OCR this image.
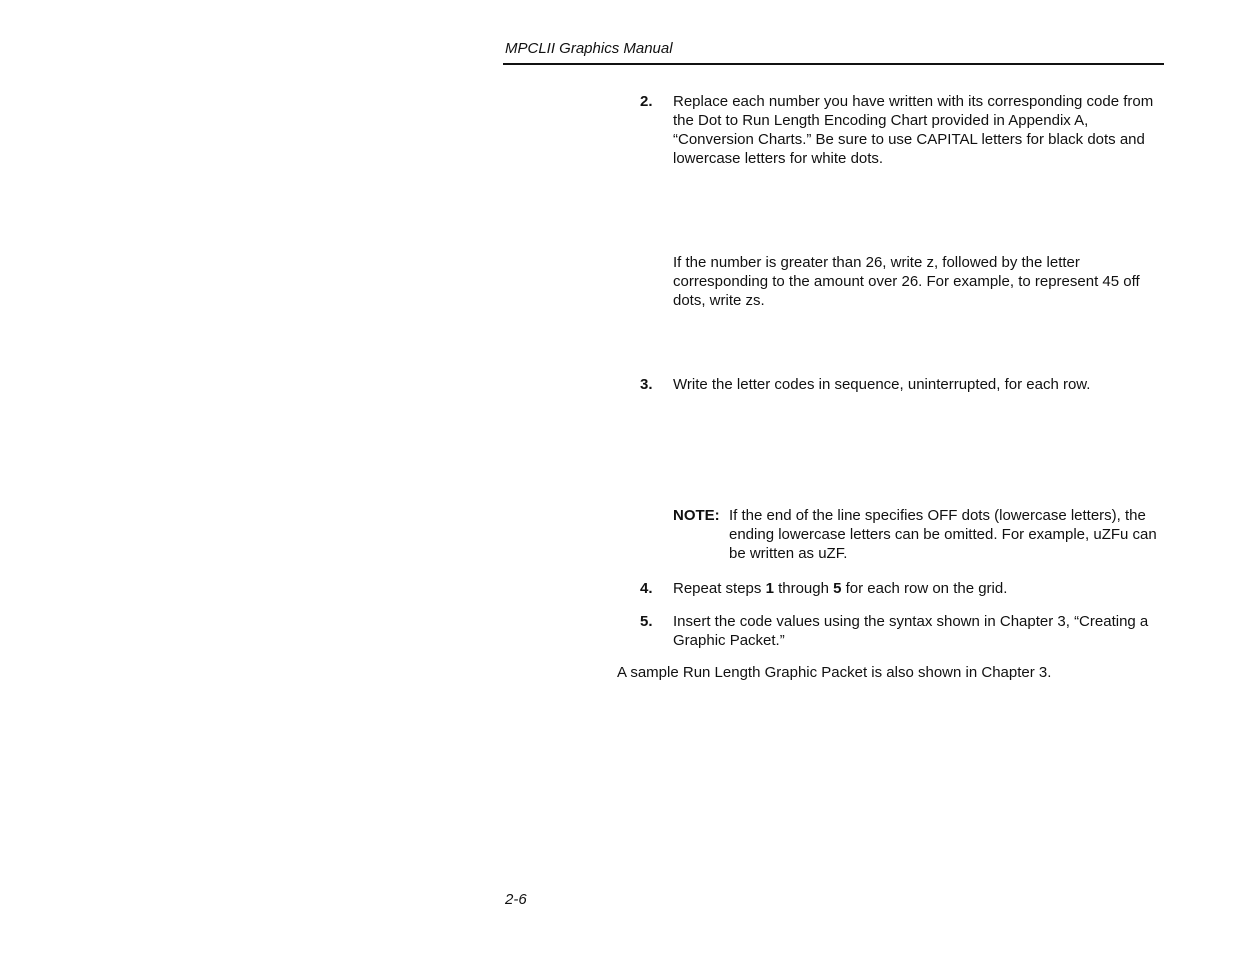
MPCLII Graphics Manual
2. Replace each number you have written with its corresponding code from the Dot to Run Length Encoding Chart provided in Appendix A, “Conversion Charts.” Be sure to use CAPITAL letters for black dots and lowercase letters for white dots.
If the number is greater than 26, write z, followed by the letter corresponding to the amount over 26. For example, to represent 45 off dots, write zs.
3. Write the letter codes in sequence, uninterrupted, for each row.
NOTE: If the end of the line specifies OFF dots (lowercase letters), the ending lowercase letters can be omitted. For example, uZFu can be written as uZF.
4. Repeat steps 1 through 5 for each row on the grid.
5. Insert the code values using the syntax shown in Chapter 3, “Creating a Graphic Packet.”
A sample Run Length Graphic Packet is also shown in Chapter 3.
2-6
